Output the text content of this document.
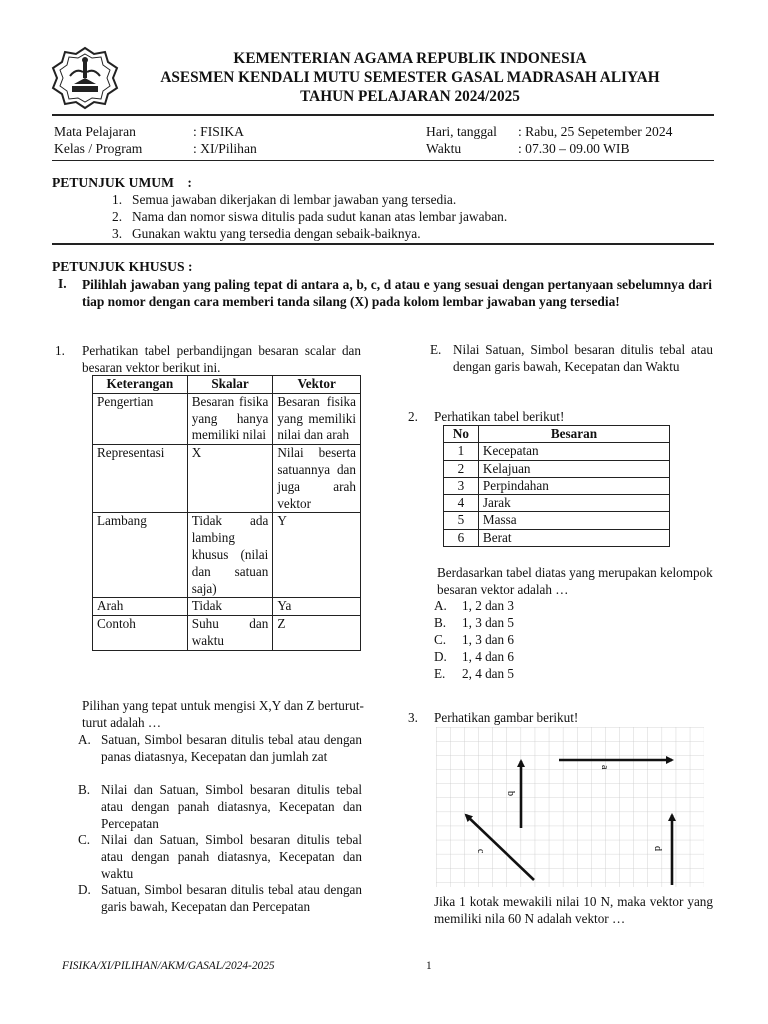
KEMENTERIAN AGAMA REPUBLIK INDONESIA
ASESMEN KENDALI MUTU SEMESTER GASAL MADRASAH ALIYAH
TAHUN PELAJARAN 2024/2025
Mata Pelajaran	: FISIKA
Kelas / Program	: XI/Pilihan
Hari, tanggal : Rabu, 25 Sepetember 2024
Waktu	: 07.30 – 09.00 WIB
PETUNJUK UMUM :
1. Semua jawaban dikerjakan di lembar jawaban yang tersedia.
2. Nama dan nomor siswa ditulis pada sudut kanan atas lembar jawaban.
3. Gunakan waktu yang tersedia dengan sebaik-baiknya.
PETUNJUK KHUSUS :
I. Pilihlah jawaban yang paling tepat di antara a, b, c, d atau e yang sesuai dengan pertanyaan sebelumnya dari tiap nomor dengan cara memberi tanda silang (X) pada kolom lembar jawaban yang tersedia!
1. Perhatikan tabel perbandijngan besaran scalar dan besaran vektor berikut ini.
Keterangan	Skalar	Vektor
Pengertian	Besaran fisika yang hanya memiliki nilai	Besaran fisika yang memiliki nilai dan arah
Representasi	X	Nilai beserta satuannya dan juga arah vektor
Lambang	Tidak ada lambing khusus (nilai dan satuan saja)	Y
Arah	Tidak	Ya
Contoh	Suhu dan waktu	Z
Pilihan yang tepat untuk mengisi X,Y dan Z berturut-turut adalah …
A. Satuan, Simbol besaran ditulis tebal atau dengan panas diatasnya, Kecepatan dan jumlah zat
B. Nilai dan Satuan, Simbol besaran ditulis tebal atau dengan panah diatasnya, Kecepatan dan Percepatan
C. Nilai dan Satuan, Simbol besaran ditulis tebal atau dengan panah diatasnya, Kecepatan dan waktu
D. Satuan, Simbol besaran ditulis tebal atau dengan garis bawah, Kecepatan dan Percepatan
E. Nilai Satuan, Simbol besaran ditulis tebal atau dengan garis bawah, Kecepatan dan Waktu
2. Perhatikan tabel berikut!
No	Besaran
1	Kecepatan
2	Kelajuan
3	Perpindahan
4	Jarak
5	Massa
6	Berat
Berdasarkan tabel diatas yang merupakan kelompok besaran vektor adalah …
A. 1, 2 dan 3
B. 1, 3 dan 5
C. 1, 3 dan 6
D. 1, 4 dan 6
E. 2, 4 dan 5
3. Perhatikan gambar berikut!
a
b
c
d
Jika 1 kotak mewakili nilai 10 N, maka vektor yang memiliki nila 60 N adalah vektor …
FISIKA/XI/PILIHAN/AKM/GASAL/2024-2025	1
